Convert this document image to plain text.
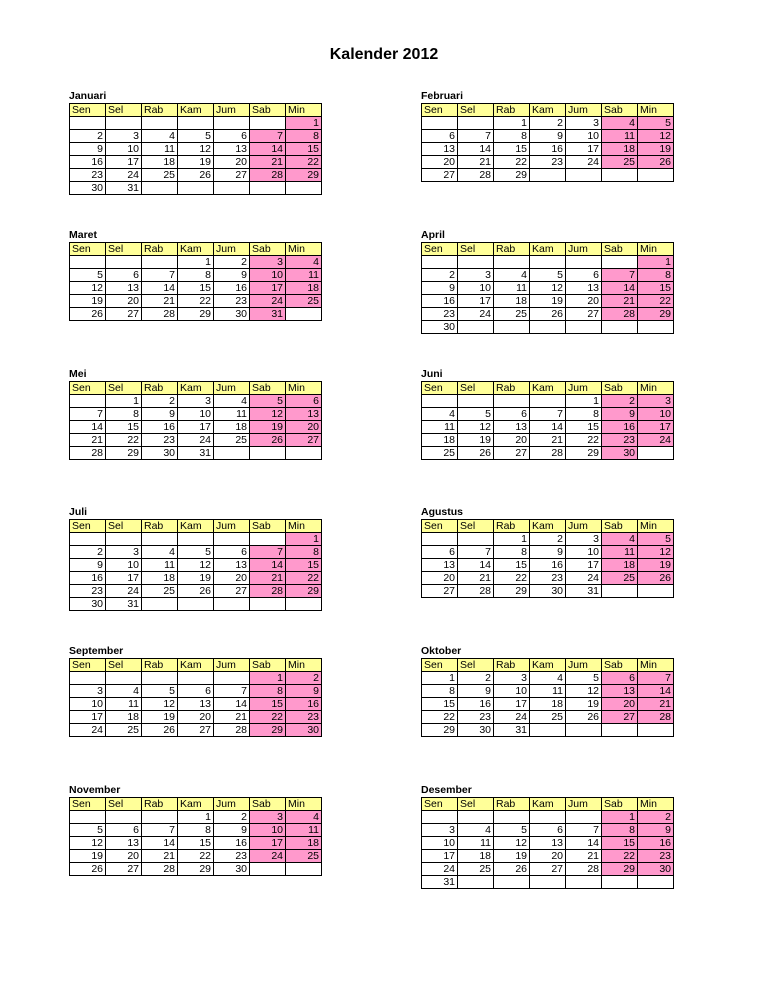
Kalender 2012
Januari
Sen	Sel	Rab	Kam	Jum	Sab	Min
						1
2	3	4	5	6	7	8
9	10	11	12	13	14	15
16	17	18	19	20	21	22
23	24	25	26	27	28	29
30	31					
Februari
Sen	Sel	Rab	Kam	Jum	Sab	Min
		1	2	3	4	5
6	7	8	9	10	11	12
13	14	15	16	17	18	19
20	21	22	23	24	25	26
27	28	29				
Maret
Sen	Sel	Rab	Kam	Jum	Sab	Min
			1	2	3	4
5	6	7	8	9	10	11
12	13	14	15	16	17	18
19	20	21	22	23	24	25
26	27	28	29	30	31	
April
Sen	Sel	Rab	Kam	Jum	Sab	Min
						1
2	3	4	5	6	7	8
9	10	11	12	13	14	15
16	17	18	19	20	21	22
23	24	25	26	27	28	29
30						
Mei
Sen	Sel	Rab	Kam	Jum	Sab	Min
	1	2	3	4	5	6
7	8	9	10	11	12	13
14	15	16	17	18	19	20
21	22	23	24	25	26	27
28	29	30	31			
Juni
Sen	Sel	Rab	Kam	Jum	Sab	Min
				1	2	3
4	5	6	7	8	9	10
11	12	13	14	15	16	17
18	19	20	21	22	23	24
25	26	27	28	29	30	
Juli
Sen	Sel	Rab	Kam	Jum	Sab	Min
						1
2	3	4	5	6	7	8
9	10	11	12	13	14	15
16	17	18	19	20	21	22
23	24	25	26	27	28	29
30	31					
Agustus
Sen	Sel	Rab	Kam	Jum	Sab	Min
		1	2	3	4	5
6	7	8	9	10	11	12
13	14	15	16	17	18	19
20	21	22	23	24	25	26
27	28	29	30	31		
September
Sen	Sel	Rab	Kam	Jum	Sab	Min
					1	2
3	4	5	6	7	8	9
10	11	12	13	14	15	16
17	18	19	20	21	22	23
24	25	26	27	28	29	30
Oktober
Sen	Sel	Rab	Kam	Jum	Sab	Min
1	2	3	4	5	6	7
8	9	10	11	12	13	14
15	16	17	18	19	20	21
22	23	24	25	26	27	28
29	30	31				
November
Sen	Sel	Rab	Kam	Jum	Sab	Min
			1	2	3	4
5	6	7	8	9	10	11
12	13	14	15	16	17	18
19	20	21	22	23	24	25
26	27	28	29	30		
Desember
Sen	Sel	Rab	Kam	Jum	Sab	Min
					1	2
3	4	5	6	7	8	9
10	11	12	13	14	15	16
17	18	19	20	21	22	23
24	25	26	27	28	29	30
31						
